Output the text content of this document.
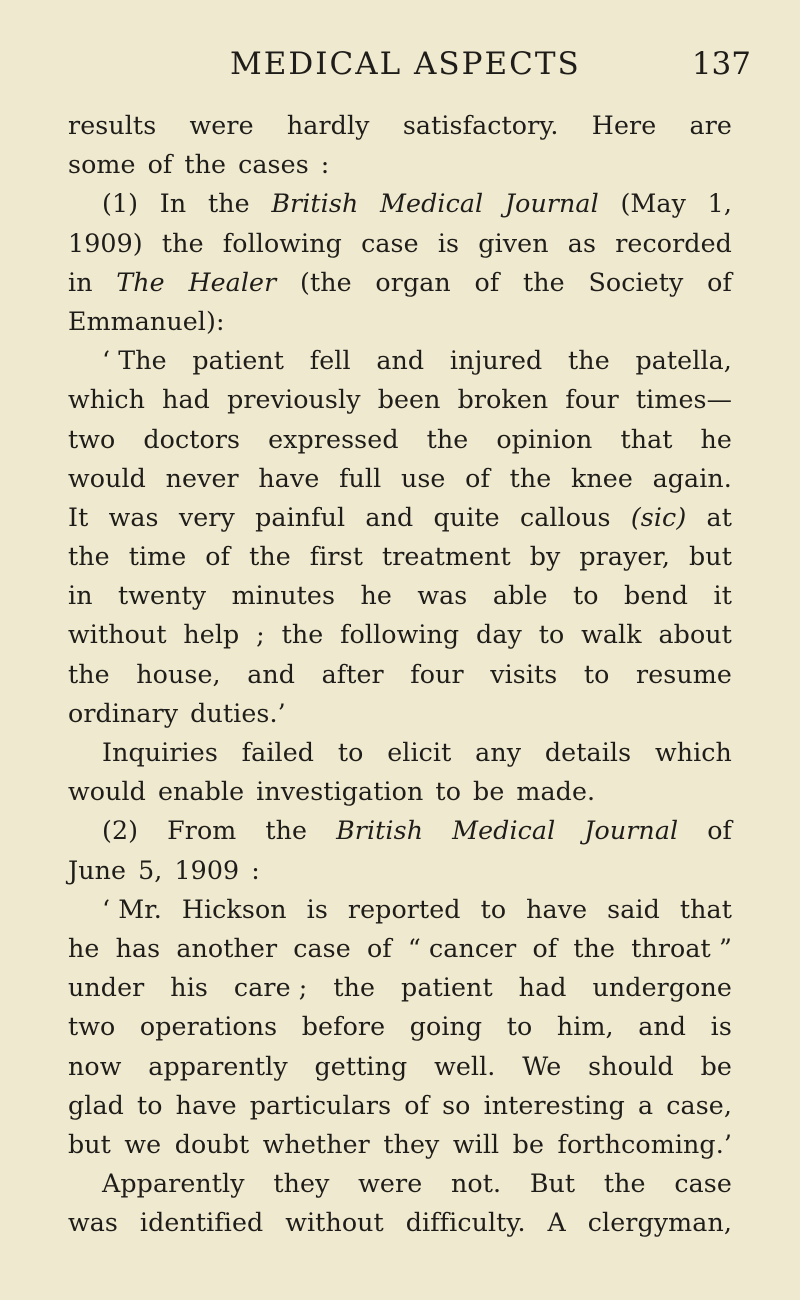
MEDICAL ASPECTS	137
results were hardly satisfactory. Here are
some of the cases :
(1) In the British Medical Journal (May 1,
1909) the following case is given as recorded
in The Healer (the organ of the Society of
Emmanuel):
‘ The patient fell and injured the patella,
which had previously been broken four times—
two doctors expressed the opinion that he
would never have full use of the knee again.
It was very painful and quite callous (sic) at
the time of the first treatment by prayer, but
in twenty minutes he was able to bend it
without help ; the following day to walk about
the house, and after four visits to resume
ordinary duties.’
Inquiries failed to elicit any details which
would enable investigation to be made.
(2) From the British Medical Journal of
June 5, 1909 :
‘ Mr. Hickson is reported to have said that
he has another case of “ cancer of the throat ”
under his care ; the patient had undergone
two operations before going to him, and is
now apparently getting well. We should be
glad to have particulars of so interesting a case,
but we doubt whether they will be forthcoming.’
Apparently they were not. But the case
was identified without difficulty. A clergyman,
